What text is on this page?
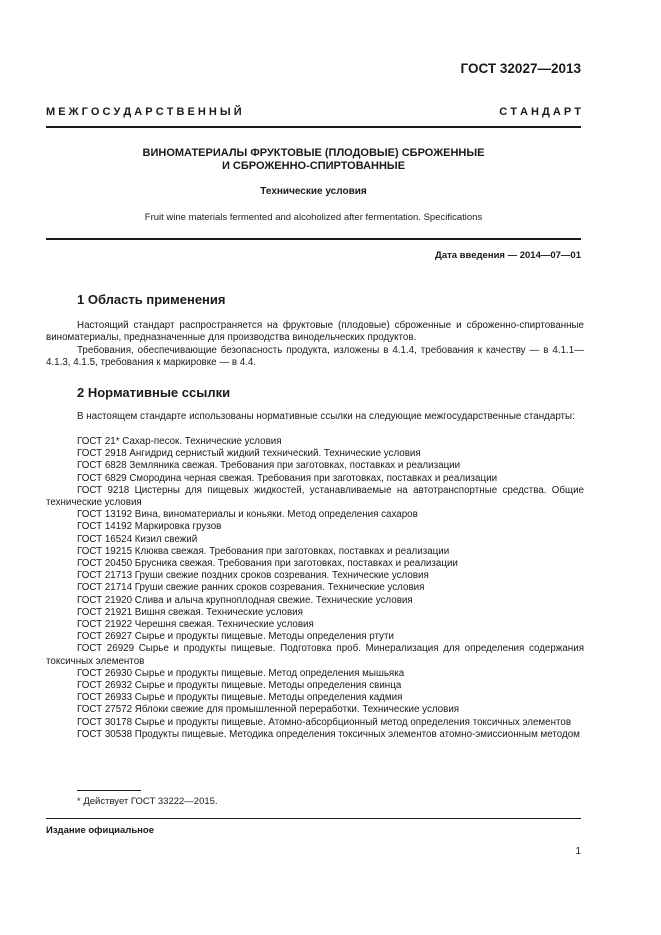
ГОСТ 32027—2013
М Е Ж Г О С У Д А Р С Т В Е Н Н Ы Й	С Т А Н Д А Р Т
ВИНОМАТЕРИАЛЫ ФРУКТОВЫЕ (ПЛОДОВЫЕ) СБРОЖЕННЫЕ
И СБРОЖЕННО-СПИРТОВАННЫЕ
Технические условия
Fruit wine materials fermented and alcoholized after fermentation. Specifications
Дата введения — 2014—07—01
1 Область применения
Настоящий стандарт распространяется на фруктовые (плодовые) сброженные и сброженно-спиртованные виноматериалы, предназначенные для производства винодельческих продуктов.
Требования, обеспечивающие безопасность продукта, изложены в 4.1.4, требования к качеству — в 4.1.1—4.1.3, 4.1.5, требования к маркировке — в 4.4.
2 Нормативные ссылки
В настоящем стандарте использованы нормативные ссылки на следующие межгосударственные стандарты:
ГОСТ 21* Сахар-песок. Технические условия
ГОСТ 2918 Ангидрид сернистый жидкий технический. Технические условия
ГОСТ 6828 Земляника свежая. Требования при заготовках, поставках и реализации
ГОСТ 6829 Смородина черная свежая. Требования при заготовках, поставках и реализации
ГОСТ 9218 Цистерны для пищевых жидкостей, устанавливаемые на автотранспортные средства. Общие технические условия
ГОСТ 13192 Вина, виноматериалы и коньяки. Метод определения сахаров
ГОСТ 14192 Маркировка грузов
ГОСТ 16524 Кизил свежий
ГОСТ 19215 Клюква свежая. Требования при заготовках, поставках и реализации
ГОСТ 20450 Брусника свежая. Требования при заготовках, поставках и реализации
ГОСТ 21713 Груши свежие поздних сроков созревания. Технические условия
ГОСТ 21714 Груши свежие ранних сроков созревания. Технические условия
ГОСТ 21920 Слива и алыча крупноплодная свежие. Технические условия
ГОСТ 21921 Вишня свежая. Технические условия
ГОСТ 21922 Черешня свежая. Технические условия
ГОСТ 26927 Сырье и продукты пищевые. Методы определения ртути
ГОСТ 26929 Сырье и продукты пищевые. Подготовка проб. Минерализация для определения содержания токсичных элементов
ГОСТ 26930 Сырье и продукты пищевые. Метод определения мышьяка
ГОСТ 26932 Сырье и продукты пищевые. Методы определения свинца
ГОСТ 26933 Сырье и продукты пищевые. Методы определения кадмия
ГОСТ 27572 Яблоки свежие для промышленной переработки. Технические условия
ГОСТ 30178 Сырье и продукты пищевые. Атомно-абсорбционный метод определения токсичных элементов
ГОСТ 30538 Продукты пищевые. Методика определения токсичных элементов атомно-эмиссионным методом
* Действует ГОСТ 33222—2015.
Издание официальное
1
